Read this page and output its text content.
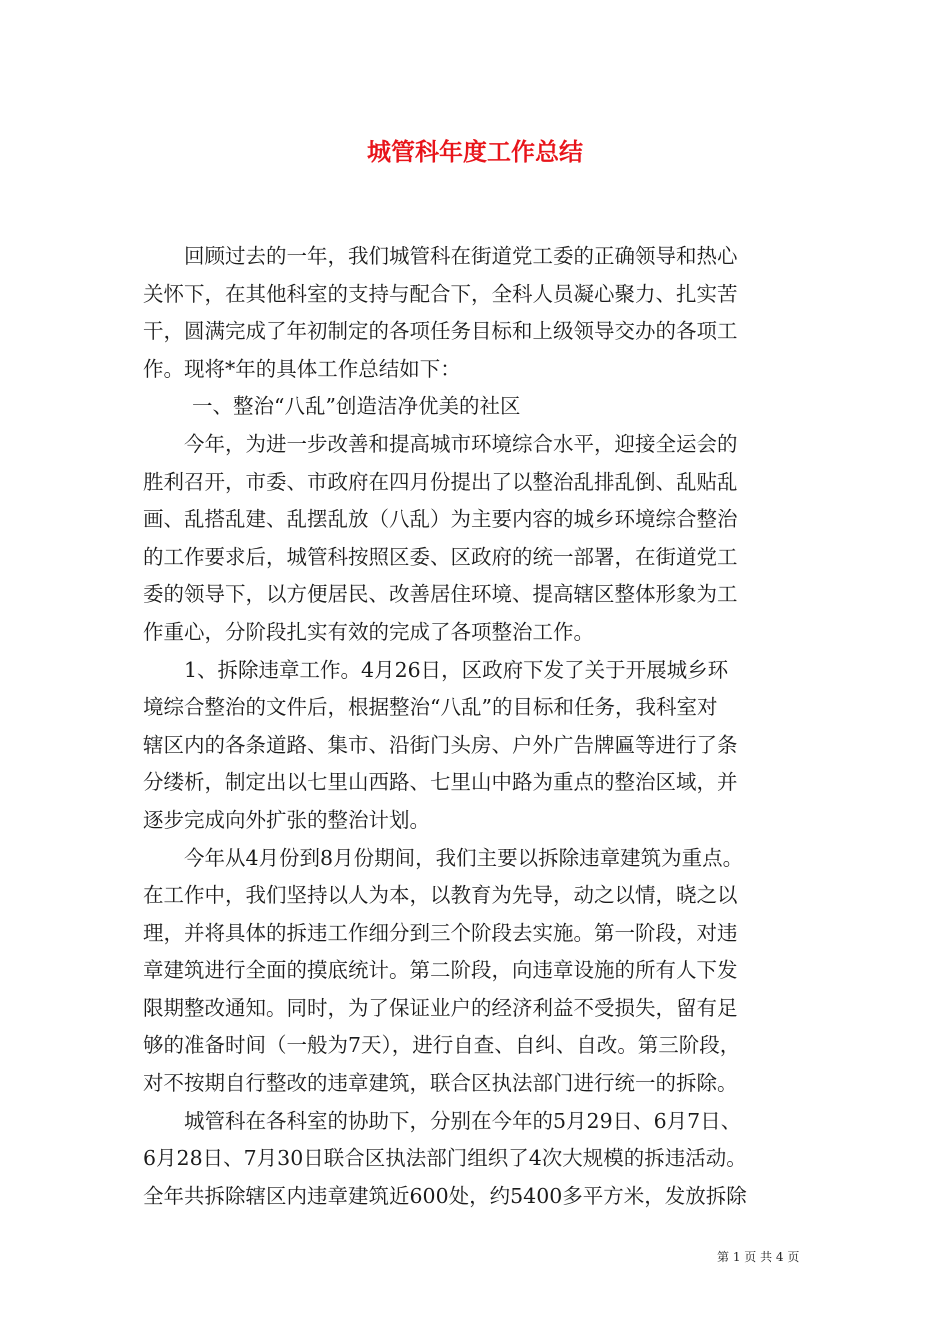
城管科年度工作总结
回顾过去的一年，我们城管科在街道党工委的正确领导和热心
关怀下，在其他科室的支持与配合下，全科人员凝心聚力、扎实苦
干，圆满完成了年初制定的各项任务目标和上级领导交办的各项工
作。现将*年的具体工作总结如下：
一、整治“八乱”创造洁净优美的社区
今年，为进一步改善和提高城市环境综合水平，迎接全运会的
胜利召开，市委、市政府在四月份提出了以整治乱排乱倒、乱贴乱
画、乱搭乱建、乱摆乱放（八乱）为主要内容的城乡环境综合整治
的工作要求后，城管科按照区委、区政府的统一部署，在街道党工
委的领导下，以方便居民、改善居住环境、提高辖区整体形象为工
作重心，分阶段扎实有效的完成了各项整治工作。
1、拆除违章工作。4月26日，区政府下发了关于开展城乡环
境综合整治的文件后，根据整治“八乱”的目标和任务，我科室对
辖区内的各条道路、集市、沿街门头房、户外广告牌匾等进行了条
分缕析，制定出以七里山西路、七里山中路为重点的整治区域，并
逐步完成向外扩张的整治计划。
今年从4月份到8月份期间，我们主要以拆除违章建筑为重点。
在工作中，我们坚持以人为本，以教育为先导，动之以情，晓之以
理，并将具体的拆违工作细分到三个阶段去实施。第一阶段，对违
章建筑进行全面的摸底统计。第二阶段，向违章设施的所有人下发
限期整改通知。同时，为了保证业户的经济利益不受损失，留有足
够的准备时间（一般为7天），进行自查、自纠、自改。第三阶段，
对不按期自行整改的违章建筑，联合区执法部门进行统一的拆除。
城管科在各科室的协助下，分别在今年的5月29日、6月7日、
6月28日、7月30日联合区执法部门组织了4次大规模的拆违活动。
全年共拆除辖区内违章建筑近600处，约5400多平方米，发放拆除
第 1 页 共 4 页
